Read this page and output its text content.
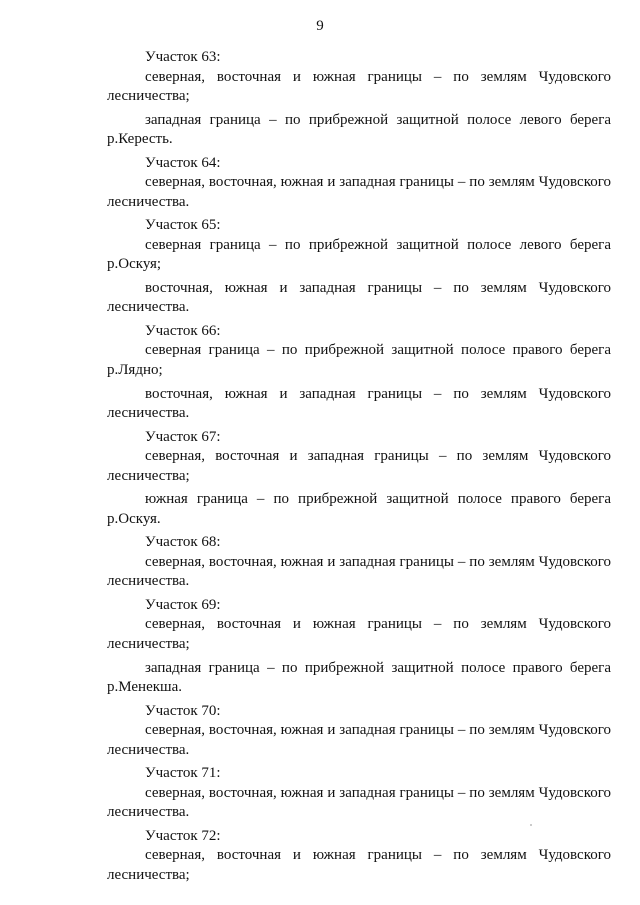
9
Участок 63:
северная, восточная и южная границы – по землям Чудовского лесничества;
западная граница – по прибрежной защитной полосе левого берега р.Кересть.
Участок 64:
северная, восточная, южная и западная границы – по землям Чудовского лесничества.
Участок 65:
северная граница – по прибрежной защитной полосе левого берега р.Оскуя;
восточная, южная и западная границы – по землям Чудовского лесничества.
Участок 66:
северная граница – по прибрежной защитной полосе правого берега р.Лядно;
восточная, южная и западная границы – по землям Чудовского лесничества.
Участок 67:
северная, восточная и западная границы – по землям Чудовского лесничества;
южная граница – по прибрежной защитной полосе правого берега р.Оскуя.
Участок 68:
северная, восточная, южная и западная границы – по землям Чудовского лесничества.
Участок 69:
северная, восточная и южная границы – по землям Чудовского лесничества;
западная граница – по прибрежной защитной полосе правого берега р.Менекша.
Участок 70:
северная, восточная, южная и западная границы – по землям Чудовского лесничества.
Участок 71:
северная, восточная, южная и западная границы – по землям Чудовского лесничества.
Участок 72:
северная, восточная и южная границы – по землям Чудовского лесничества;
